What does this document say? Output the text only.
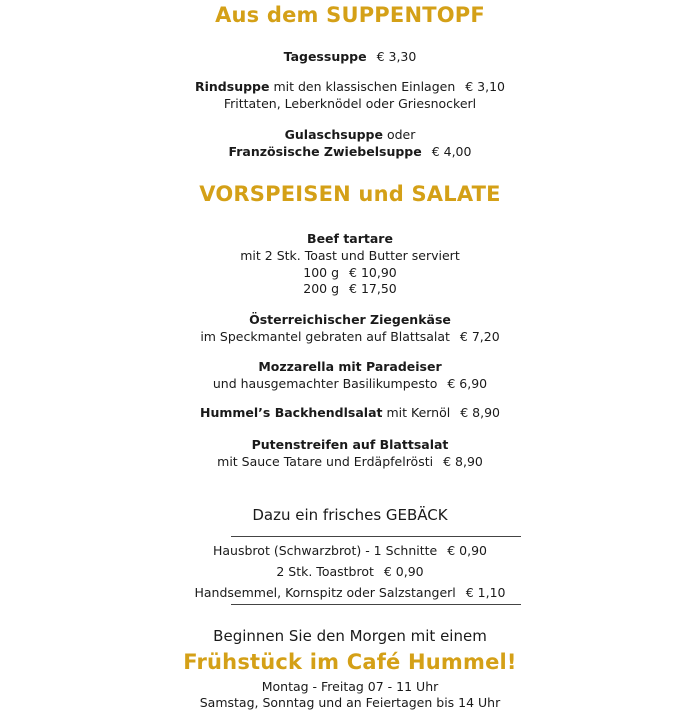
Aus dem SUPPENTOPF
Tagessuppe € 3,30
Rindsuppe mit den klassischen Einlagen € 3,10
Frittaten, Leberknödel oder Griesnockerl
Gulaschsuppe oder
Französische Zwiebelsuppe € 4,00
VORSPEISEN und SALATE
Beef tartare
mit 2 Stk. Toast und Butter serviert
100 g € 10,90
200 g € 17,50
Österreichischer Ziegenkäse
im Speckmantel gebraten auf Blattsalat € 7,20
Mozzarella mit Paradeiser
und hausgemachter Basilikumpesto € 6,90
Hummel’s Backhendlsalat mit Kernöl € 8,90
Putenstreifen auf Blattsalat
mit Sauce Tatare und Erdäpfelrösti € 8,90
Dazu ein frisches GEBÄCK
Hausbrot (Schwarzbrot) - 1 Schnitte € 0,90
2 Stk. Toastbrot € 0,90
Handsemmel, Kornspitz oder Salzstangerl € 1,10
Beginnen Sie den Morgen mit einem
Frühstück im Café Hummel!
Montag - Freitag 07 - 11 Uhr
Samstag, Sonntag und an Feiertagen bis 14 Uhr
